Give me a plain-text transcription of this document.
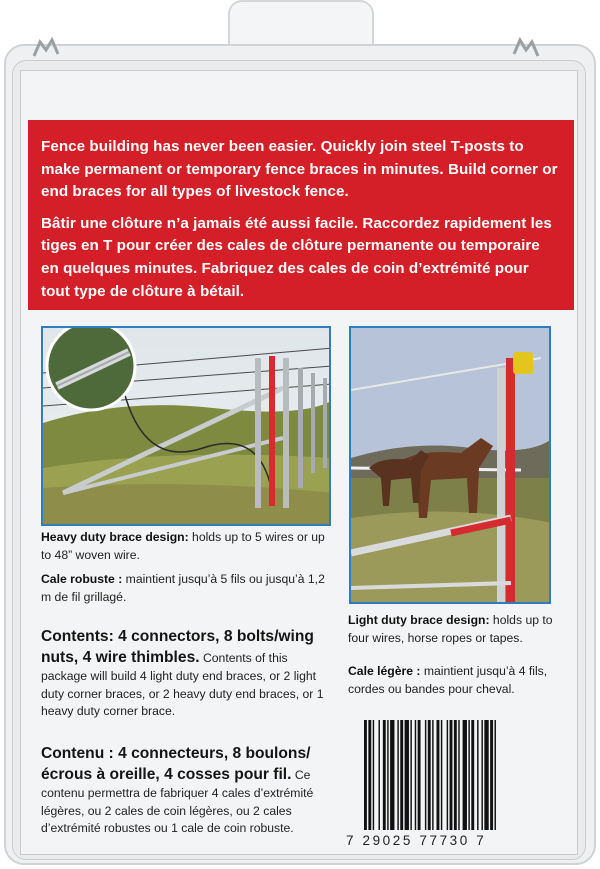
Fence building has never been easier. Quickly join steel T-posts to make permanent or temporary fence braces in minutes. Build corner or end braces for all types of livestock fence.

Bâtir une clôture n’a jamais été aussi facile. Raccordez rapidement les tiges en T pour créer des cales de clôture permanente ou temporaire en quelques minutes. Fabriquez des cales de coin d’extrémité pour tout type de clôture à bétail.

Heavy duty brace design: holds up to 5 wires or up to 48” woven wire.
Cale robuste : maintient jusqu’à 5 fils ou jusqu’à 1,2 m de fil grillagé.
Light duty brace design: holds up to four wires, horse ropes or tapes.
Cale légère : maintient jusqu’à 4 fils, cordes ou bandes pour cheval.
Contents: 4 connectors, 8 bolts/wing nuts, 4 wire thimbles. Contents of this package will build 4 light duty end braces, or 2 light duty corner braces, or 2 heavy duty end braces, or 1 heavy duty corner brace.
Contenu : 4 connecteurs, 8 boulons/écrous à oreille, 4 cosses pour fil. Ce contenu permettra de fabriquer 4 cales d’extrémité légères, ou 2 cales de coin légères, ou 2 cales d’extrémité robustes ou 1 cale de coin robuste.
7 29025 77730 7
